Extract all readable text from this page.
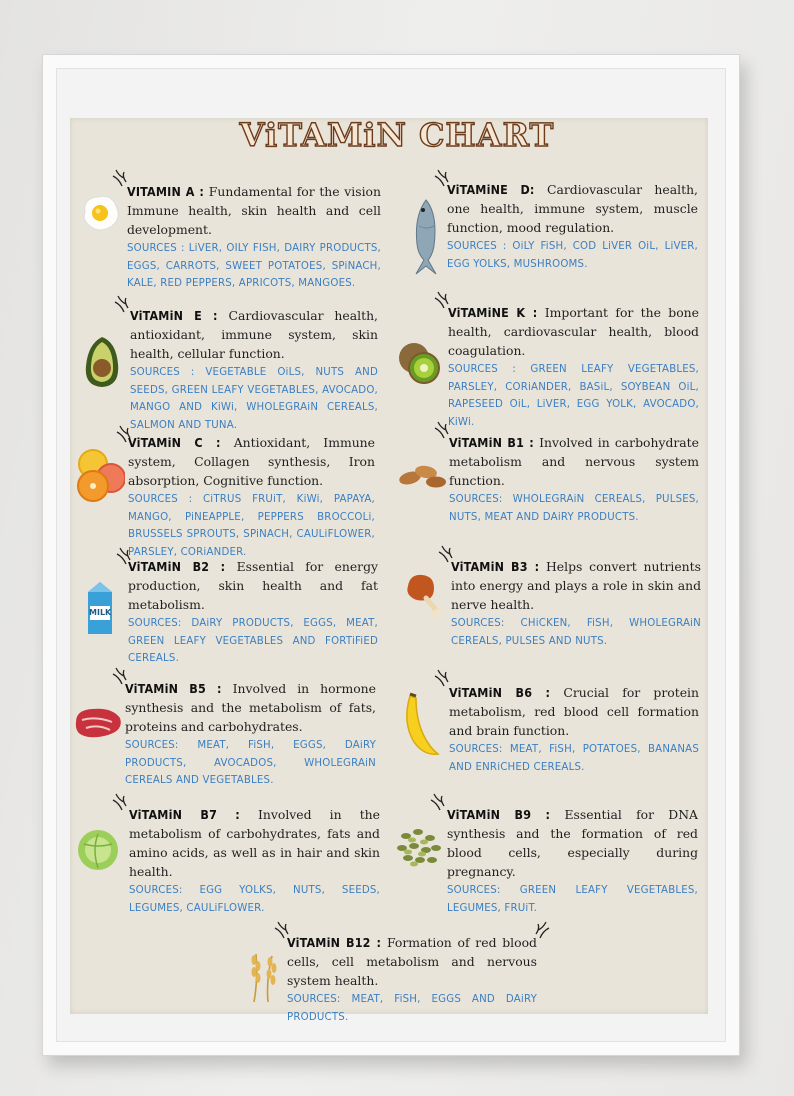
ViTAMiN CHART
VITAMIN A : Fundamental for the vision Immune health, skin health and cell development.
SOURCES : LiVER, OILY FISH, DAIRY PRODUCTS, EGGS, CARROTS, SWEET POTATOES, SPiNACH, KALE, RED PEPPERS, APRICOTS, MANGOES.
ViTAMiNE D: Cardiovascular health, one health, immune system, muscle function, mood regulation.
SOURCES : OiLY FiSH, COD LiVER OiL, LiVER, EGG YOLKS, MUSHROOMS.
ViTAMiN E : Cardiovascular health, antioxidant, immune system, skin health, cellular function.
SOURCES : VEGETABLE OiLS, NUTS AND SEEDS, GREEN LEAFY VEGETABLES, AVOCADO, MANGO AND KiWi, WHOLEGRAiN CEREALS, SALMON AND TUNA.
ViTAMiNE K : Important for the bone health, cardiovascular health, blood coagulation.
SOURCES : GREEN LEAFY VEGETABLES, PARSLEY, CORiANDER, BASiL, SOYBEAN OiL, RAPESEED OiL, LiVER, EGG YOLK, AVOCADO, KiWi.
ViTAMiN C : Antioxidant, Immune system, Collagen synthesis, Iron absorption, Cognitive function.
SOURCES : CiTRUS FRUiT, KiWi, PAPAYA, MANGO, PiNEAPPLE, PEPPERS BROCCOLi, BRUSSELS SPROUTS, SPiNACH, CAULiFLOWER, PARSLEY, CORiANDER.
ViTAMiN B1 : Involved in carbohydrate metabolism and nervous system function.
SOURCES: WHOLEGRAiN CEREALS, PULSES, NUTS, MEAT AND DAiRY PRODUCTS.
MILK
ViTAMiN B2 : Essential for energy production, skin health and fat metabolism.
SOURCES: DAiRY PRODUCTS, EGGS, MEAT, GREEN LEAFY VEGETABLES AND FORTiFiED CEREALS.
ViTAMiN B3 : Helps convert nutrients into energy and plays a role in skin and nerve health.
SOURCES: CHiCKEN, FiSH, WHOLEGRAiN CEREALS, PULSES AND NUTS.
ViTAMiN B5 : Involved in hormone synthesis and the metabolism of fats, proteins and carbohydrates.
SOURCES: MEAT, FiSH, EGGS, DAiRY PRODUCTS, AVOCADOS, WHOLEGRAiN CEREALS AND VEGETABLES.
ViTAMiN B6 : Crucial for protein metabolism, red blood cell formation and brain function.
SOURCES: MEAT, FiSH, POTATOES, BANANAS AND ENRiCHED CEREALS.
ViTAMiN B7 : Involved in the metabolism of carbohydrates, fats and amino acids, as well as in hair and skin health.
SOURCES: EGG YOLKS, NUTS, SEEDS, LEGUMES, CAULiFLOWER.
ViTAMiN B9 : Essential for DNA synthesis and the formation of red blood cells, especially during pregnancy.
SOURCES: GREEN LEAFY VEGETABLES, LEGUMES, FRUiT.
ViTAMiN B12 : Formation of red blood cells, cell metabolism and nervous system health.
SOURCES: MEAT, FiSH, EGGS AND DAiRY PRODUCTS.
